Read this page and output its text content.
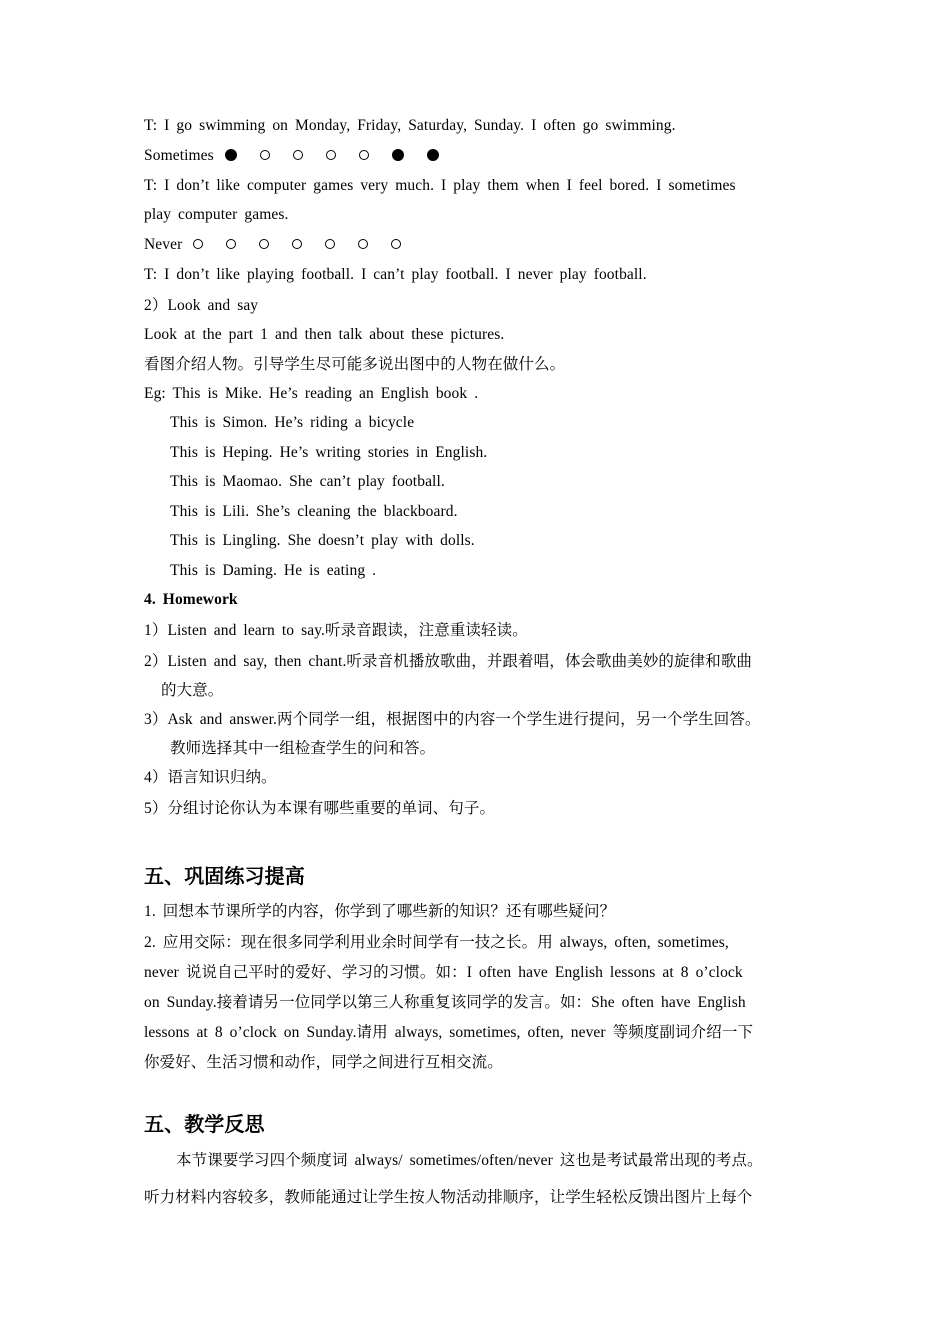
T: I go swimming on Monday, Friday, Saturday, Sunday. I often go swimming.
Sometimes
T: I don’t like computer games very much. I play them when I feel bored. I sometimes
play computer games.
Never
T: I don’t like playing football. I can’t play football. I never play football.
2）Look and say
Look at the part 1 and then talk about these pictures.
看图介绍人物。引导学生尽可能多说出图中的人物在做什么。
Eg: This is Mike. He’s reading an English book .
This is Simon. He’s riding a bicycle
This is Heping. He’s writing stories in English.
This is Maomao. She can’t play football.
This is Lili. She’s cleaning the blackboard.
This is Lingling. She doesn’t play with dolls.
This is Daming. He is eating .
4. Homework
1）Listen and learn to say.听录音跟读，注意重读轻读。
2）Listen and say, then chant.听录音机播放歌曲，并跟着唱，体会歌曲美妙的旋律和歌曲
的大意。
3）Ask and answer.两个同学一组，根据图中的内容一个学生进行提问，另一个学生回答。
教师选择其中一组检查学生的问和答。
4）语言知识归纳。
5）分组讨论你认为本课有哪些重要的单词、句子。
五、巩固练习提高
1. 回想本节课所学的内容，你学到了哪些新的知识？还有哪些疑问？
2. 应用交际：现在很多同学利用业余时间学有一技之长。用 always, often, sometimes,
never 说说自己平时的爱好、学习的习惯。如：I often have English lessons at 8 o’clock
on Sunday.接着请另一位同学以第三人称重复该同学的发言。如：She often have English
lessons at 8 o’clock on Sunday.请用 always, sometimes, often, never 等频度副词介绍一下
你爱好、生活习惯和动作，同学之间进行互相交流。
五、教学反思
本节课要学习四个频度词 always/ sometimes/often/never 这也是考试最常出现的考点。
听力材料内容较多，教师能通过让学生按人物活动排顺序，让学生轻松反馈出图片上每个
